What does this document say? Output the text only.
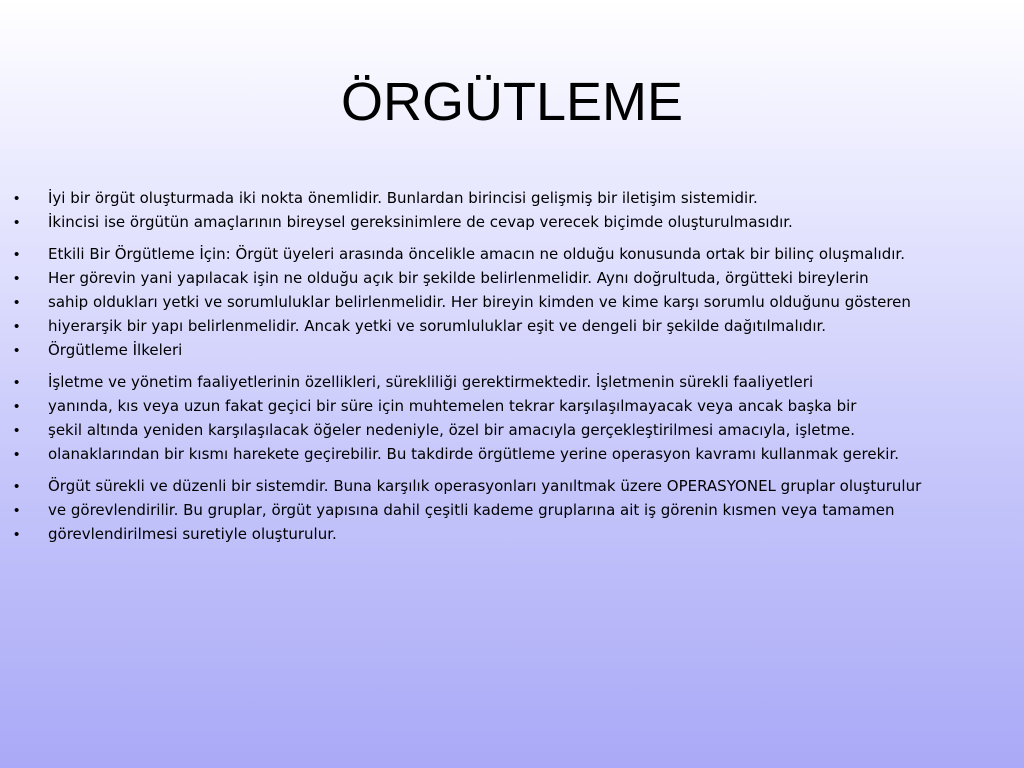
ÖRGÜTLEME
• İyi bir örgüt oluşturmada iki nokta önemlidir. Bunlardan birincisi gelişmiş bir iletişim sistemidir.
• İkincisi ise örgütün amaçlarının bireysel gereksinimlere de cevap verecek biçimde oluşturulmasıdır.
• Etkili Bir Örgütleme İçin: Örgüt üyeleri arasında öncelikle amacın ne olduğu konusunda ortak bir bilinç oluşmalıdır.
• Her görevin yani yapılacak işin ne olduğu açık bir şekilde belirlenmelidir. Aynı doğrultuda, örgütteki bireylerin
• sahip oldukları yetki ve sorumluluklar belirlenmelidir. Her bireyin kimden ve kime karşı sorumlu olduğunu gösteren
• hiyerarşik bir yapı belirlenmelidir. Ancak yetki ve sorumluluklar eşit ve dengeli bir şekilde dağıtılmalıdır.
• Örgütleme İlkeleri
• İşletme ve yönetim faaliyetlerinin özellikleri, sürekliliği gerektirmektedir. İşletmenin sürekli faaliyetleri
• yanında, kıs veya uzun fakat geçici bir süre için muhtemelen tekrar karşılaşılmayacak veya ancak başka bir
• şekil altında yeniden karşılaşılacak öğeler nedeniyle, özel bir amacıyla gerçekleştirilmesi amacıyla, işletme.
• olanaklarından bir kısmı harekete geçirebilir. Bu takdirde örgütleme yerine operasyon kavramı kullanmak gerekir.
• Örgüt sürekli ve düzenli bir sistemdir. Buna karşılık operasyonları yanıltmak üzere OPERASYONEL gruplar oluşturulur
• ve görevlendirilir. Bu gruplar, örgüt yapısına dahil çeşitli kademe gruplarına ait iş görenin kısmen veya tamamen
• görevlendirilmesi suretiyle oluşturulur.
